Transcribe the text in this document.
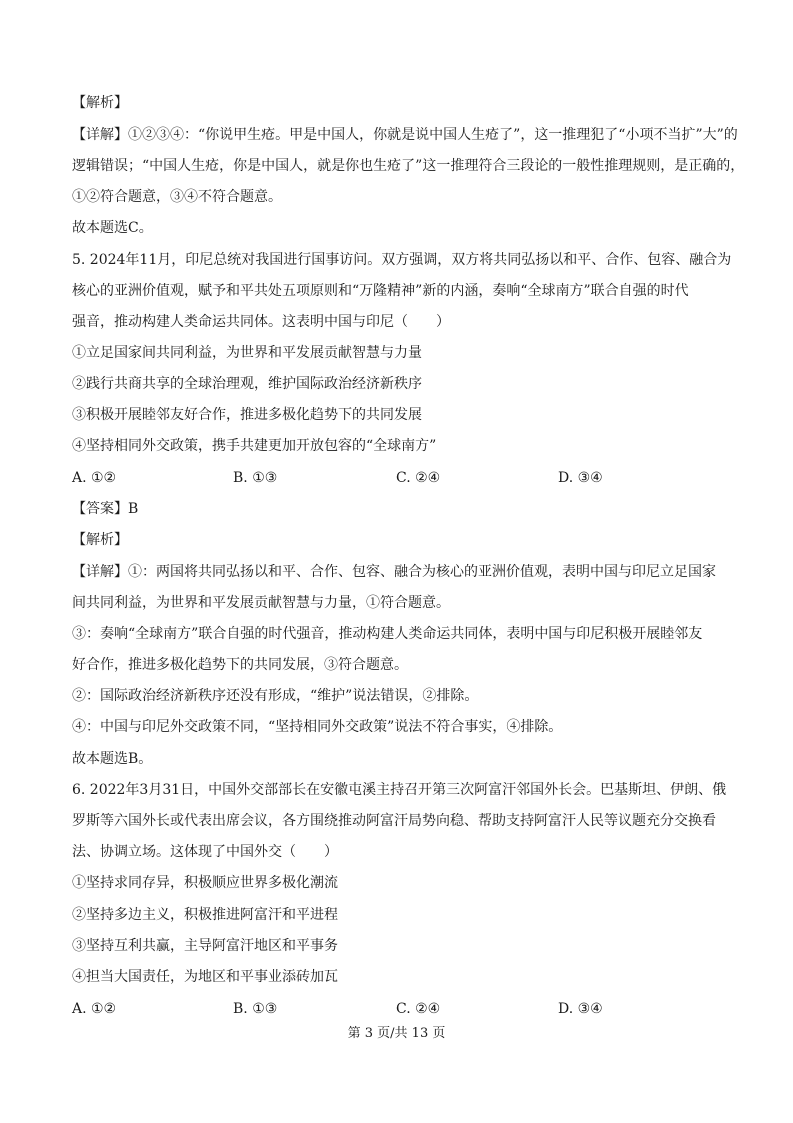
【解析】
【详解】①②③④：“你说甲生疮。甲是中国人，你就是说中国人生疮了”，这一推理犯了“小项不当扩”大”的
逻辑错误；“中国人生疮，你是中国人，就是你也生疮了”这一推理符合三段论的一般性推理规则，是正确的，
①②符合题意，③④不符合题意。
故本题选C。
5. 2024年11月，印尼总统对我国进行国事访问。双方强调，双方将共同弘扬以和平、合作、包容、融合为
核心的亚洲价值观，赋予和平共处五项原则和“万隆精神”新的内涵，奏响“全球南方”联合自强的时代
强音，推动构建人类命运共同体。这表明中国与印尼（　　）
①立足国家间共同利益，为世界和平发展贡献智慧与力量
②践行共商共享的全球治理观，维护国际政治经济新秩序
③积极开展睦邻友好合作，推进多极化趋势下的共同发展
④坚持相同外交政策，携手共建更加开放包容的“全球南方”
A. ①②	B. ①③	C. ②④	D. ③④
【答案】B
【解析】
【详解】①：两国将共同弘扬以和平、合作、包容、融合为核心的亚洲价值观，表明中国与印尼立足国家
间共同利益，为世界和平发展贡献智慧与力量，①符合题意。
③：奏响“全球南方”联合自强的时代强音，推动构建人类命运共同体，表明中国与印尼积极开展睦邻友
好合作，推进多极化趋势下的共同发展，③符合题意。
②：国际政治经济新秩序还没有形成，“维护”说法错误，②排除。
④：中国与印尼外交政策不同，“坚持相同外交政策”说法不符合事实，④排除。
故本题选B。
6. 2022年3月31日，中国外交部部长在安徽屯溪主持召开第三次阿富汗邻国外长会。巴基斯坦、伊朗、俄
罗斯等六国外长或代表出席会议，各方围绕推动阿富汗局势向稳、帮助支持阿富汗人民等议题充分交换看
法、协调立场。这体现了中国外交（　　）
①坚持求同存异，积极顺应世界多极化潮流
②坚持多边主义，积极推进阿富汗和平进程
③坚持互利共赢，主导阿富汗地区和平事务
④担当大国责任，为地区和平事业添砖加瓦
A. ①②	B. ①③	C. ②④	D. ③④
第 3 页/共 13 页
